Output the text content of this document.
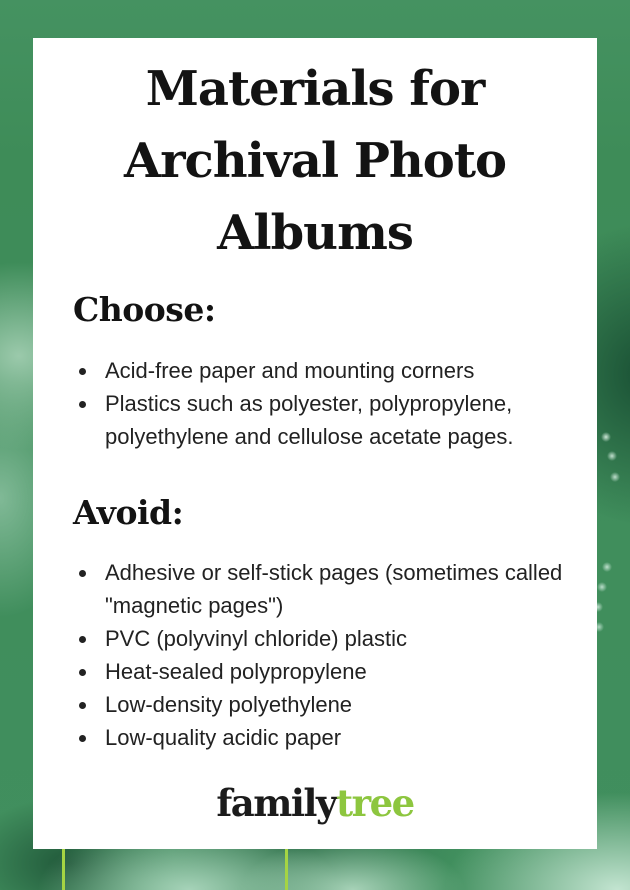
Materials for
Archival Photo
Albums
Choose:
• Acid-free paper and mounting corners
• Plastics such as polyester, polypropylene, polyethylene and cellulose acetate pages.
Avoid:
• Adhesive or self-stick pages (sometimes called "magnetic pages")
• PVC (polyvinyl chloride) plastic
• Heat-sealed polypropylene
• Low-density polyethylene
• Low-quality acidic paper
familytree
